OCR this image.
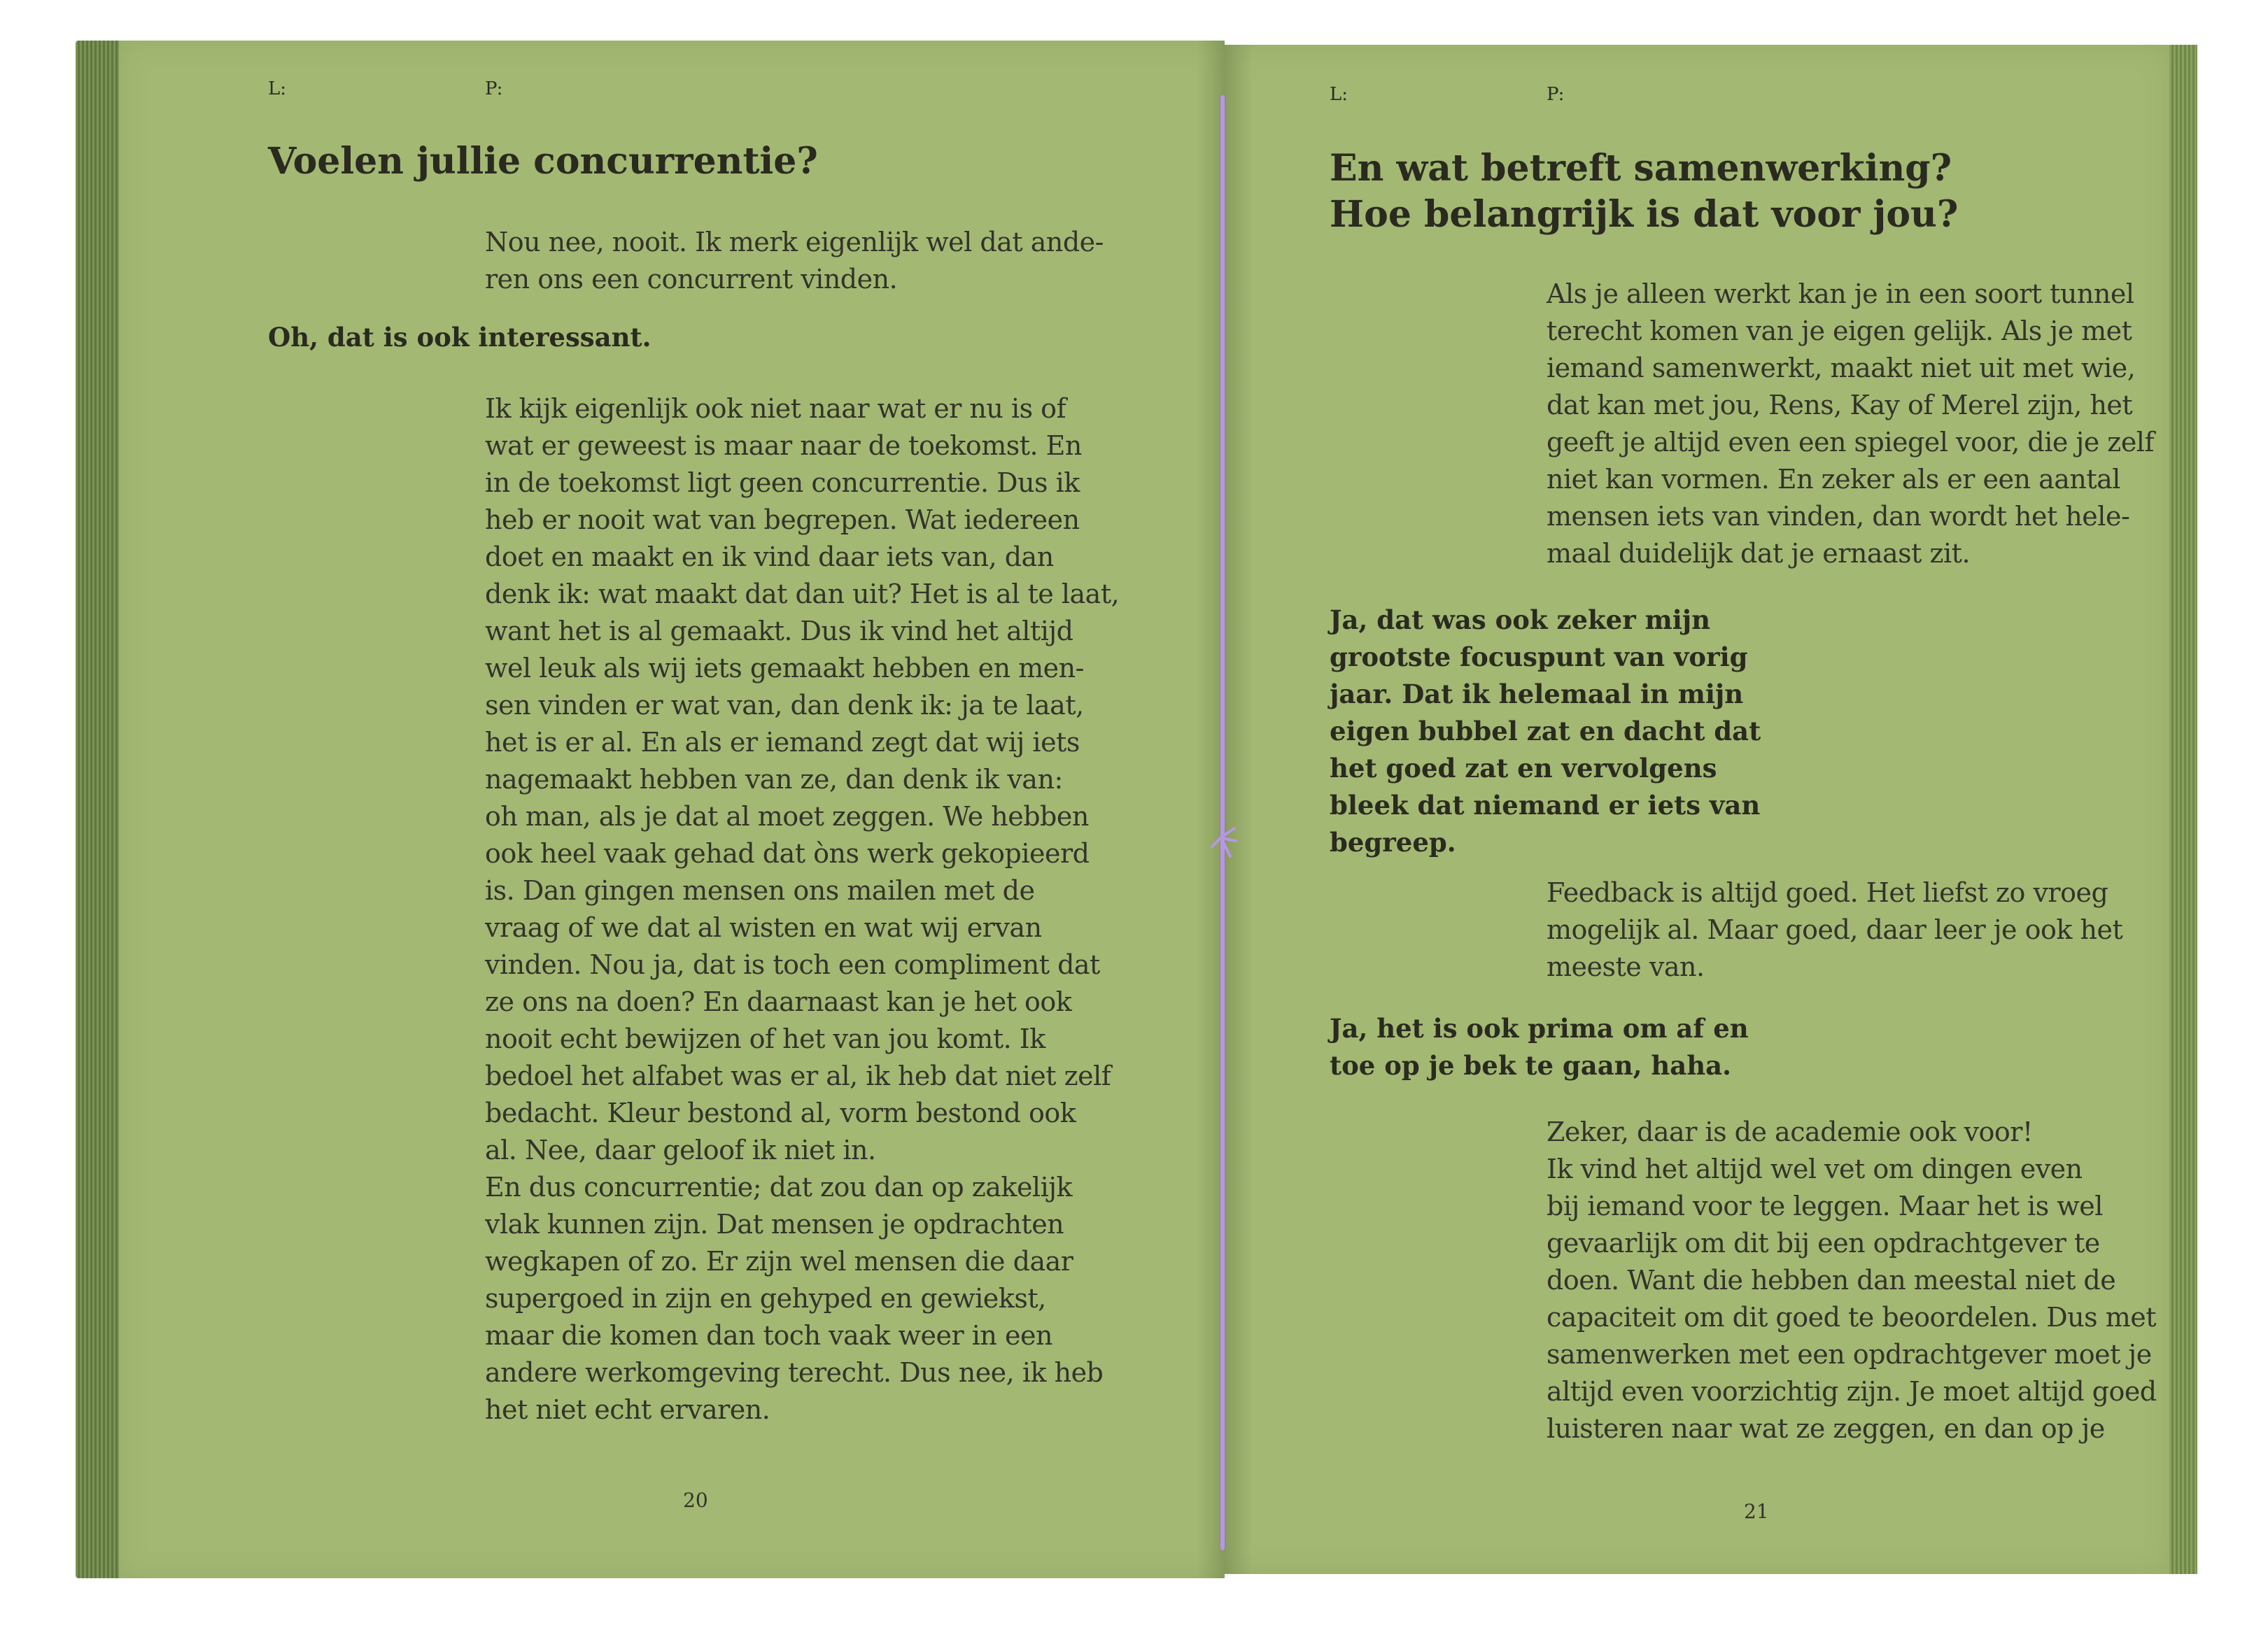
L:	P:
Voelen jullie concurrentie?

Nou nee, nooit. Ik merk eigenlijk wel dat ande-
ren ons een concurrent vinden.

Oh, dat is ook interessant.

Ik kijk eigenlijk ook niet naar wat er nu is of
wat er geweest is maar naar de toekomst. En
in de toekomst ligt geen concurrentie. Dus ik
heb er nooit wat van begrepen. Wat iedereen
doet en maakt en ik vind daar iets van, dan
denk ik: wat maakt dat dan uit? Het is al te laat,
want het is al gemaakt. Dus ik vind het altijd
wel leuk als wij iets gemaakt hebben en men-
sen vinden er wat van, dan denk ik: ja te laat,
het is er al. En als er iemand zegt dat wij iets
nagemaakt hebben van ze, dan denk ik van:
oh man, als je dat al moet zeggen. We hebben
ook heel vaak gehad dat òns werk gekopieerd
is. Dan gingen mensen ons mailen met de
vraag of we dat al wisten en wat wij ervan
vinden. Nou ja, dat is toch een compliment dat
ze ons na doen? En daarnaast kan je het ook
nooit echt bewijzen of het van jou komt. Ik
bedoel het alfabet was er al, ik heb dat niet zelf
bedacht. Kleur bestond al, vorm bestond ook
al. Nee, daar geloof ik niet in.
En dus concurrentie; dat zou dan op zakelijk
vlak kunnen zijn. Dat mensen je opdrachten
wegkapen of zo. Er zijn wel mensen die daar
supergoed in zijn en gehyped en gewiekst,
maar die komen dan toch vaak weer in een
andere werkomgeving terecht. Dus nee, ik heb
het niet echt ervaren.

20
L:	P:
En wat betreft samenwerking?
Hoe belangrijk is dat voor jou?

Als je alleen werkt kan je in een soort tunnel
terecht komen van je eigen gelijk. Als je met
iemand samenwerkt, maakt niet uit met wie,
dat kan met jou, Rens, Kay of Merel zijn, het
geeft je altijd even een spiegel voor, die je zelf
niet kan vormen. En zeker als er een aantal
mensen iets van vinden, dan wordt het hele-
maal duidelijk dat je ernaast zit.

Ja, dat was ook zeker mijn
grootste focuspunt van vorig
jaar. Dat ik helemaal in mijn
eigen bubbel zat en dacht dat
het goed zat en vervolgens
bleek dat niemand er iets van
begreep.

Feedback is altijd goed. Het liefst zo vroeg
mogelijk al. Maar goed, daar leer je ook het
meeste van.

Ja, het is ook prima om af en
toe op je bek te gaan, haha.

Zeker, daar is de academie ook voor!
Ik vind het altijd wel vet om dingen even
bij iemand voor te leggen. Maar het is wel
gevaarlijk om dit bij een opdrachtgever te
doen. Want die hebben dan meestal niet de
capaciteit om dit goed te beoordelen. Dus met
samenwerken met een opdrachtgever moet je
altijd even voorzichtig zijn. Je moet altijd goed
luisteren naar wat ze zeggen, en dan op je

21
